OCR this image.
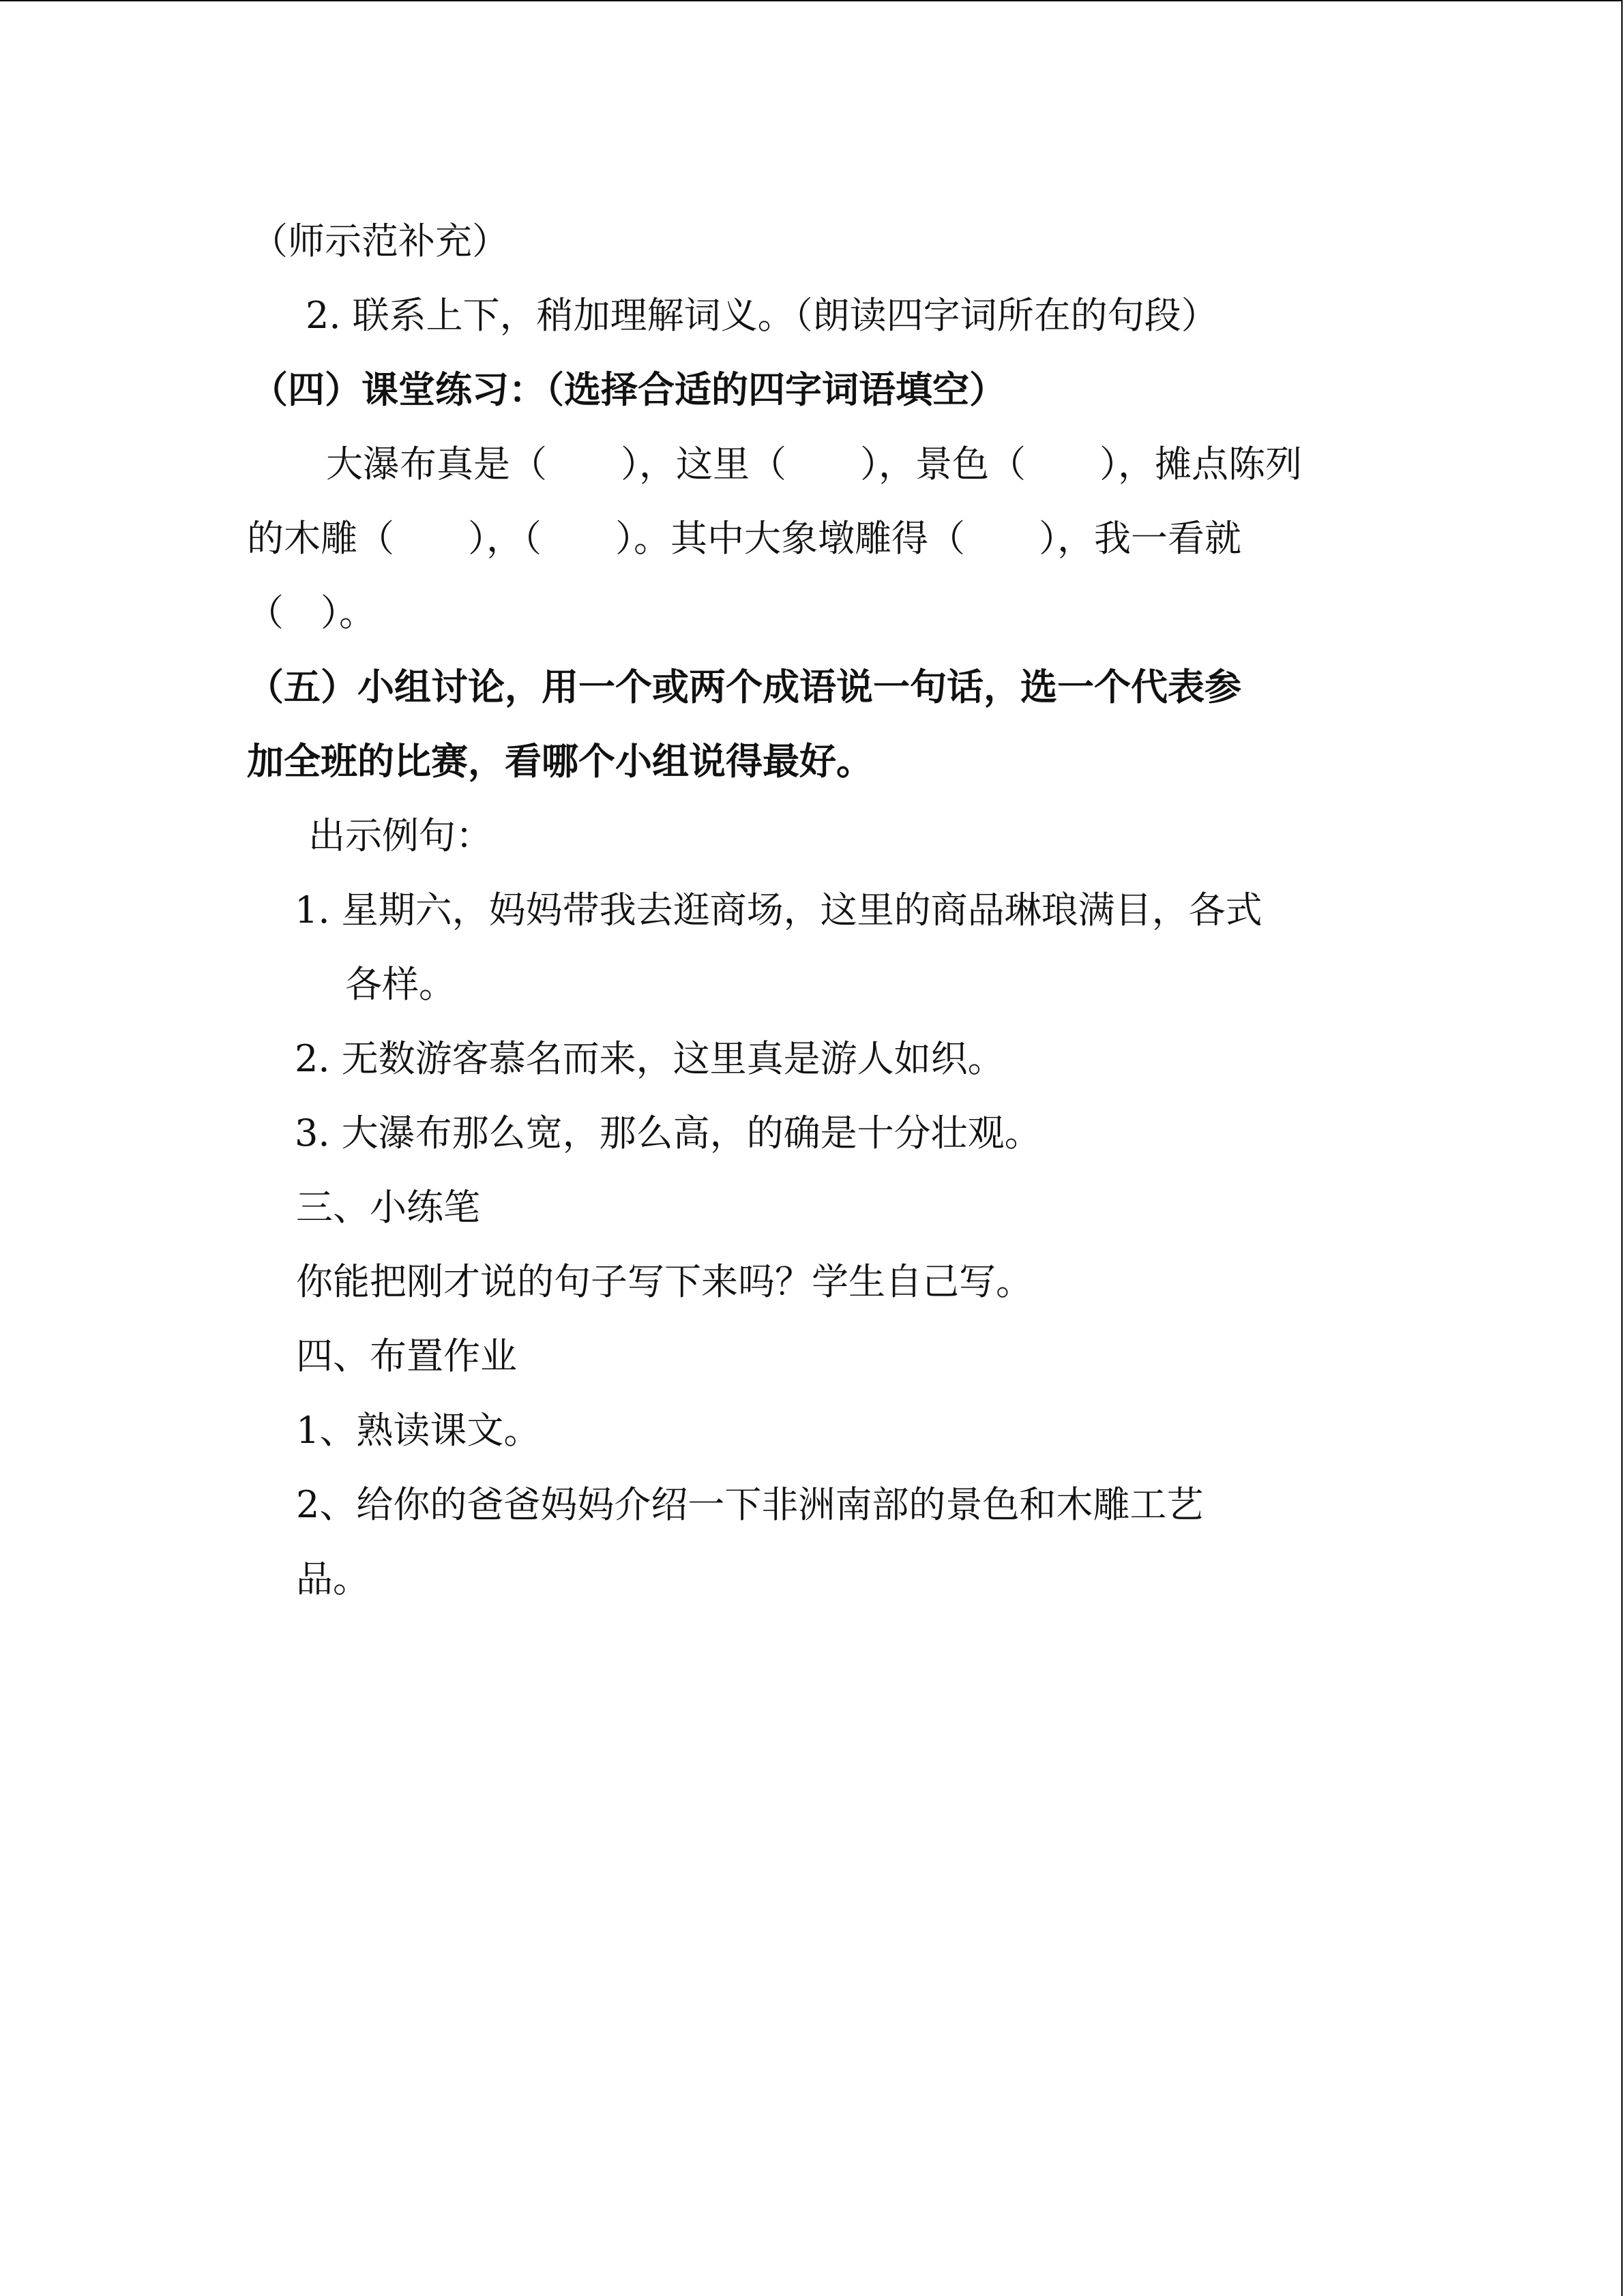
（师示范补充）
2. 联系上下，稍加理解词义。（朗读四字词所在的句段）
（四）课堂练习：（选择合适的四字词语填空）
大瀑布真是（　　），这里（　　），景色（　　），摊点陈列
的木雕（　　），（　　）。其中大象墩雕得（　　），我一看就
（　）。
（五）小组讨论，用一个或两个成语说一句话，选一个代表参
加全班的比赛，看哪个小组说得最好。
出示例句：
1. 星期六，妈妈带我去逛商场，这里的商品琳琅满目，各式
各样。
2. 无数游客慕名而来，这里真是游人如织。
3. 大瀑布那么宽，那么高，的确是十分壮观。
三、小练笔
你能把刚才说的句子写下来吗？学生自己写。
四、布置作业
1、熟读课文。
2、给你的爸爸妈妈介绍一下非洲南部的景色和木雕工艺
品。
